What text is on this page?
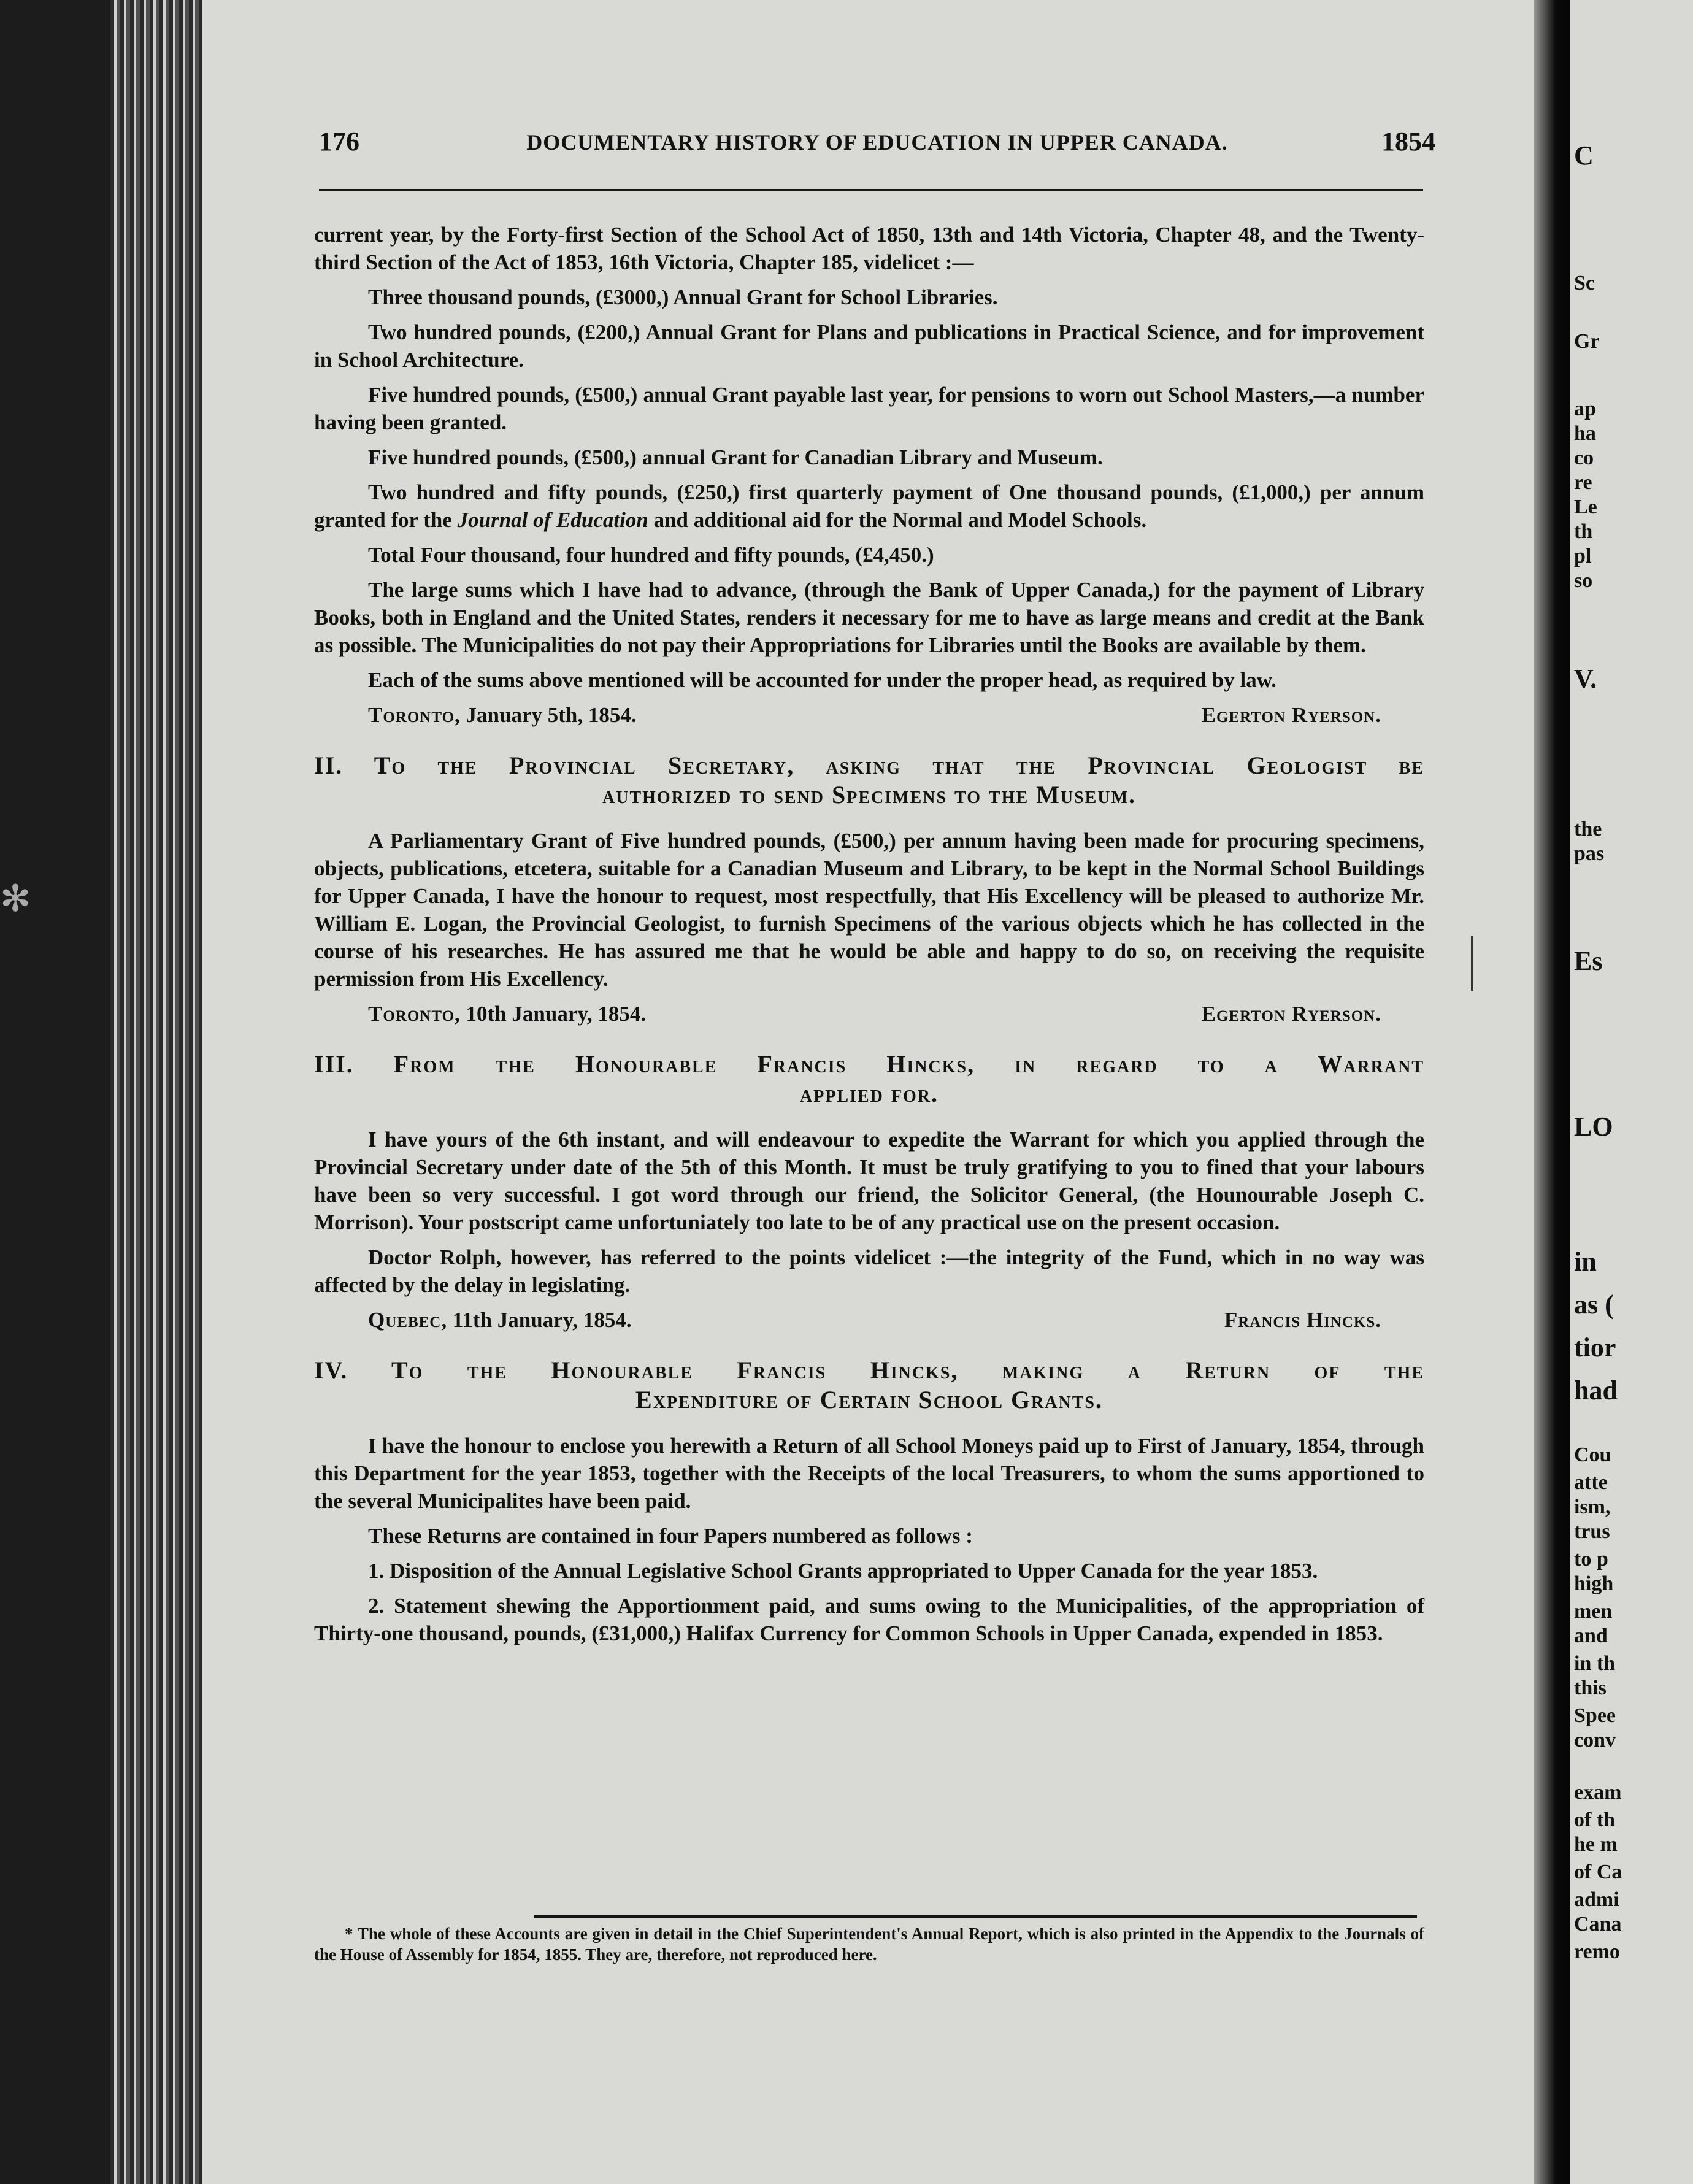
✻
C
Sc
Gr
ap
ha
co
re
Le
th
pl
so
V.
the
pas
Es
LO
in
as (
tior
had
Cou
atte
ism,
trus
to p
high
men
and
in th
this
Spee
conv
exam
of th
he m
of Ca
admi
Cana
remo
176	DOCUMENTARY HISTORY OF EDUCATION IN UPPER CANADA.	1854

current year, by the Forty-first Section of the School Act of 1850, 13th and 14th Victoria, Chapter 48, and the Twenty-third Section of the Act of 1853, 16th Victoria, Chapter 185, videlicet :—

Three thousand pounds, (£3000,) Annual Grant for School Libraries.

Two hundred pounds, (£200,) Annual Grant for Plans and publications in Practical Science, and for improvement in School Architecture.

Five hundred pounds, (£500,) annual Grant payable last year, for pensions to worn out School Masters,—a number having been granted.

Five hundred pounds, (£500,) annual Grant for Canadian Library and Museum.

Two hundred and fifty pounds, (£250,) first quarterly payment of One thousand pounds, (£1,000,) per annum granted for the Journal of Education and additional aid for the Normal and Model Schools.

Total Four thousand, four hundred and fifty pounds, (£4,450.)

The large sums which I have had to advance, (through the Bank of Upper Canada,) for the payment of Library Books, both in England and the United States, renders it necessary for me to have as large means and credit at the Bank as possible. The Municipalities do not pay their Appropriations for Libraries until the Books are available by them.

Each of the sums above mentioned will be accounted for under the proper head, as required by law.

Toronto, January 5th, 1854.	Egerton Ryerson.
II. To the Provincial Secretary, asking that the Provincial Geologist be
authorized to send Specimens to the Museum.

A Parliamentary Grant of Five hundred pounds, (£500,) per annum having been made for procuring specimens, objects, publications, etcetera, suitable for a Canadian Museum and Library, to be kept in the Normal School Buildings for Upper Canada, I have the honour to request, most respectfully, that His Excellency will be pleased to authorize Mr. William E. Logan, the Provincial Geologist, to furnish Specimens of the various objects which he has collected in the course of his researches. He has assured me that he would be able and happy to do so, on receiving the requisite permission from His Excellency.

Toronto, 10th January, 1854.	Egerton Ryerson.
III. From the Honourable Francis Hincks, in regard to a Warrant
applied for.

I have yours of the 6th instant, and will endeavour to expedite the Warrant for which you applied through the Provincial Secretary under date of the 5th of this Month. It must be truly gratifying to you to fined that your labours have been so very successful. I got word through our friend, the Solicitor General, (the Hounourable Joseph C. Morrison). Your postscript came unfortuniately too late to be of any practical use on the present occasion.

Doctor Rolph, however, has referred to the points videlicet :—the integrity of the Fund, which in no way was affected by the delay in legislating.

Quebec, 11th January, 1854.	Francis Hincks.
IV. To the Honourable Francis Hincks, making a Return of the
Expenditure of Certain School Grants.

I have the honour to enclose you herewith a Return of all School Moneys paid up to First of January, 1854, through this Department for the year 1853, together with the Receipts of the local Treasurers, to whom the sums apportioned to the several Municipalites have been paid.

These Returns are contained in four Papers numbered as follows :

1. Disposition of the Annual Legislative School Grants appropriated to Upper Canada for the year 1853.

2. Statement shewing the Apportionment paid, and sums owing to the Municipalities, of the appropriation of Thirty-one thousand, pounds, (£31,000,) Halifax Currency for Common Schools in Upper Canada, expended in 1853.

* The whole of these Accounts are given in detail in the Chief Superintendent's Annual Report, which is also printed in the Appendix to the Journals of the House of Assembly for 1854, 1855. They are, therefore, not reproduced here.
